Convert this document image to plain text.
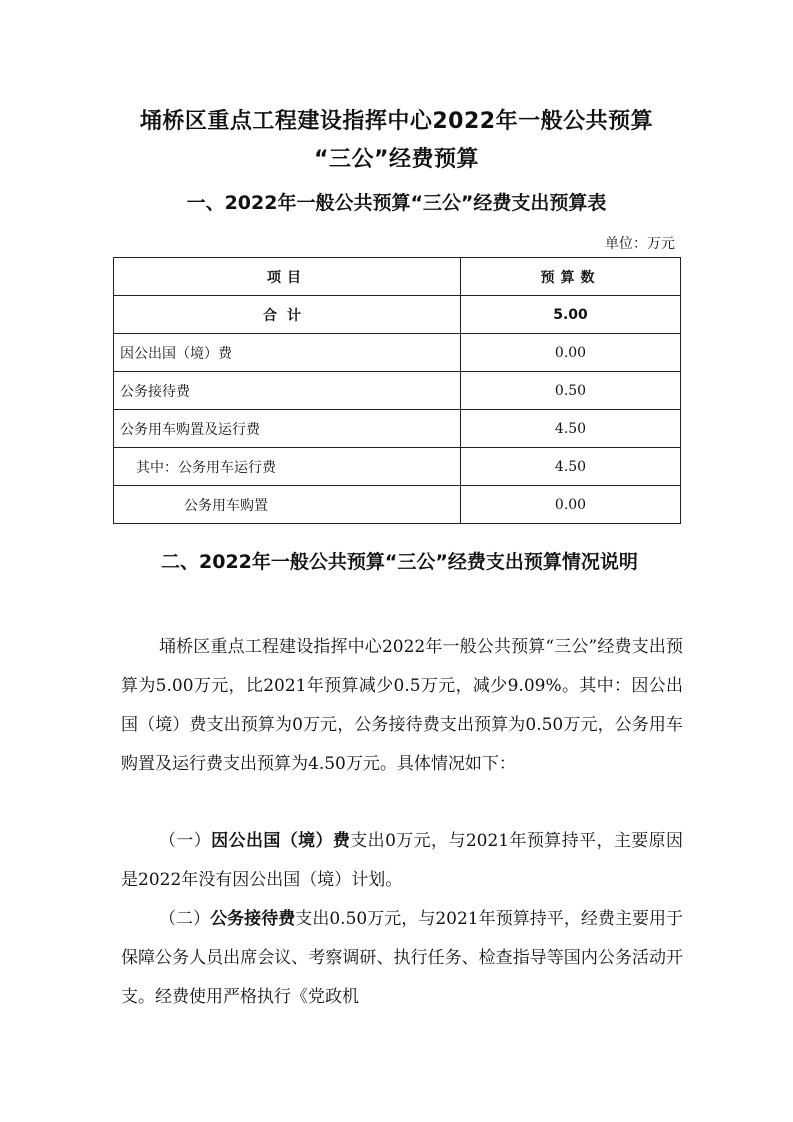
埇桥区重点工程建设指挥中心2022年一般公共预算
“三公”经费预算
一、2022年一般公共预算“三公”经费支出预算表
单位：万元
项目	预算数
合计	5.00
因公出国（境）费	0.00
公务接待费	0.50
公务用车购置及运行费	4.50
其中：公务用车运行费	4.50
公务用车购置	0.00
二、2022年一般公共预算“三公”经费支出预算情况说明

埇桥区重点工程建设指挥中心2022年一般公共预算“三公”经费支出预算为5.00万元，比2021年预算减少0.5万元，减少9.09%。其中：因公出国（境）费支出预算为0万元，公务接待费支出预算为0.50万元，公务用车购置及运行费支出预算为4.50万元。具体情况如下：

（一）因公出国（境）费支出0万元，与2021年预算持平，主要原因是2022年没有因公出国（境）计划。

（二）公务接待费支出0.50万元，与2021年预算持平，经费主要用于保障公务人员出席会议、考察调研、执行任务、检查指导等国内公务活动开支。经费使用严格执行《党政机
